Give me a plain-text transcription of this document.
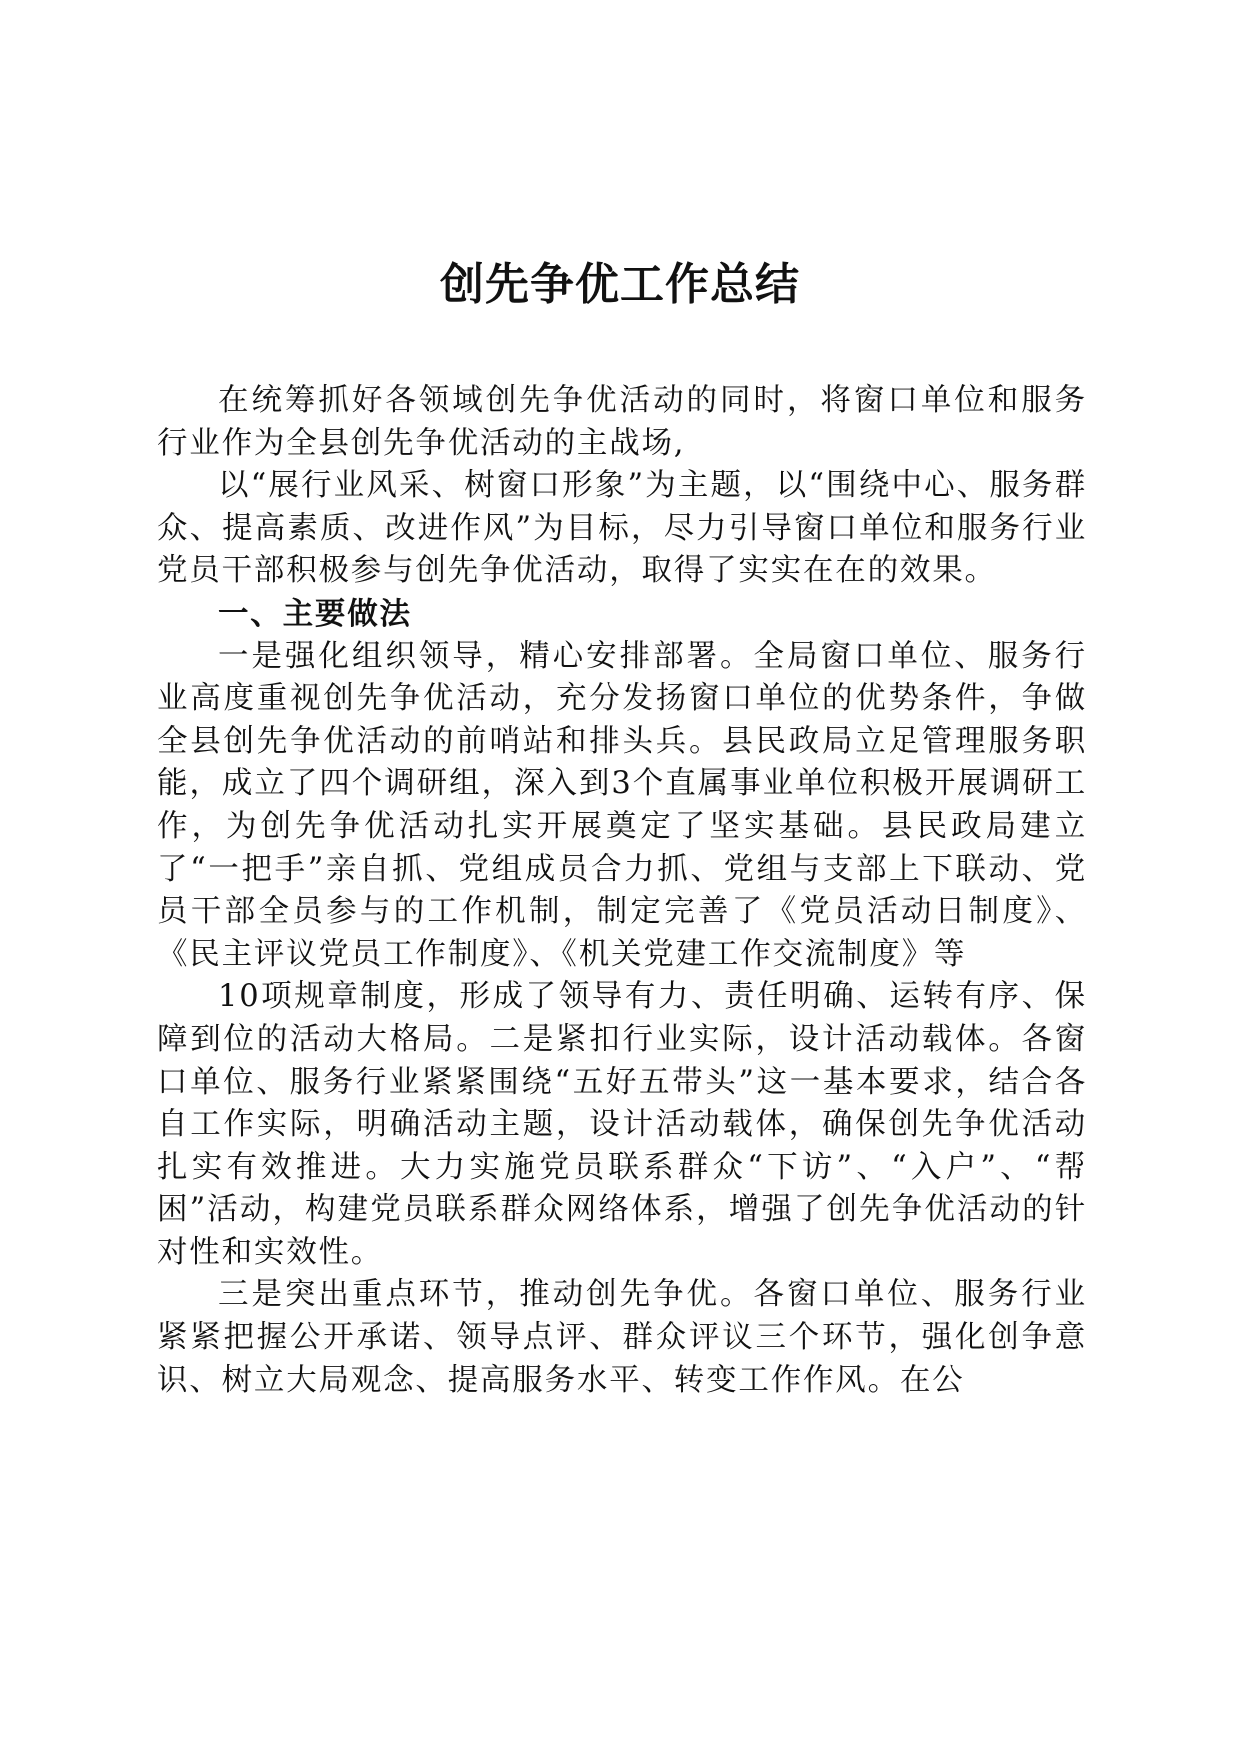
创先争优工作总结

在统筹抓好各领域创先争优活动的同时，将窗口单位和服务行业作为全县创先争优活动的主战场,

以“展行业风采、树窗口形象”为主题，以“围绕中心、服务群众、提高素质、改进作风”为目标，尽力引导窗口单位和服务行业党员干部积极参与创先争优活动，取得了实实在在的效果。

一、主要做法

一是强化组织领导，精心安排部署。全局窗口单位、服务行业高度重视创先争优活动，充分发扬窗口单位的优势条件，争做全县创先争优活动的前哨站和排头兵。县民政局立足管理服务职能，成立了四个调研组，深入到3个直属事业单位积极开展调研工作，为创先争优活动扎实开展奠定了坚实基础。县民政局建立了“一把手”亲自抓、党组成员合力抓、党组与支部上下联动、党员干部全员参与的工作机制，制定完善了《党员活动日制度》、《民主评议党员工作制度》、《机关党建工作交流制度》等

10项规章制度，形成了领导有力、责任明确、运转有序、保障到位的活动大格局。二是紧扣行业实际，设计活动载体。各窗口单位、服务行业紧紧围绕“五好五带头”这一基本要求，结合各自工作实际，明确活动主题，设计活动载体，确保创先争优活动扎实有效推进。大力实施党员联系群众“下访”、“入户”、“帮困”活动，构建党员联系群众网络体系，增强了创先争优活动的针对性和实效性。

三是突出重点环节，推动创先争优。各窗口单位、服务行业紧紧把握公开承诺、领导点评、群众评议三个环节，强化创争意识、树立大局观念、提高服务水平、转变工作作风。在公
